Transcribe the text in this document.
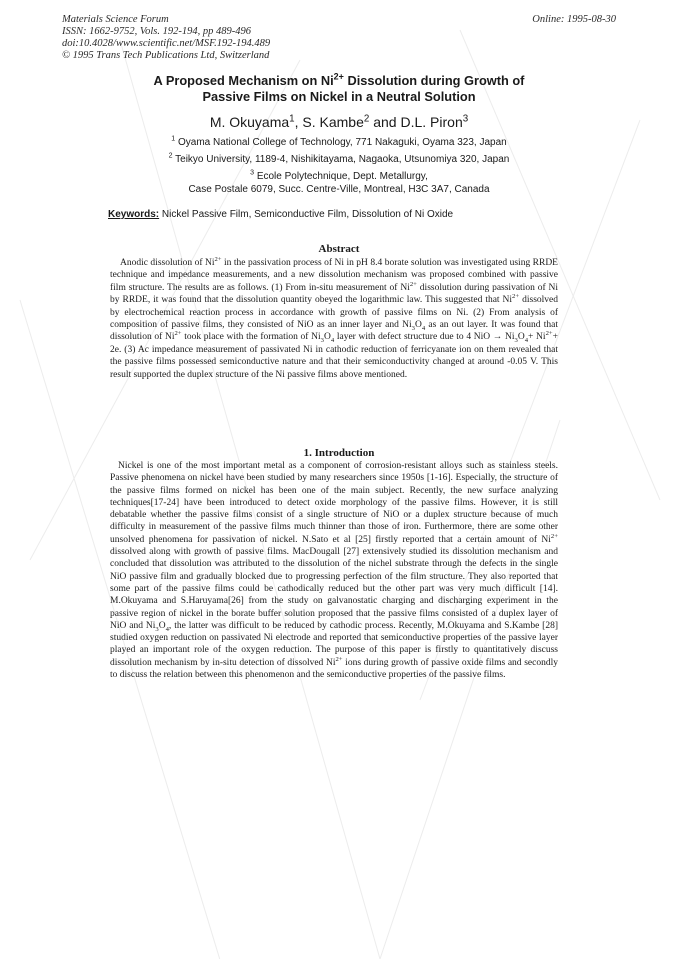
Materials Science Forum
ISSN: 1662-9752, Vols. 192-194, pp 489-496
doi:10.4028/www.scientific.net/MSF.192-194.489
© 1995 Trans Tech Publications Ltd, Switzerland
Online: 1995-08-30
A Proposed Mechanism on $Ni^{2+}$ Dissolution during Growth of
Passive Films on Nickel in a Neutral Solution
M. Okuyama$^1$, S. Kambe$^2$ and D.L. Piron$^3$
$^1$ Oyama National College of Technology, 771 Nakaguki, Oyama 323, Japan
$^2$ Teikyo University, 1189-4, Nishikitayama, Nagaoka, Utsunomiya 320, Japan
$^3$ Ecole Polytechnique, Dept. Metallurgy,
Case Postale 6079, Succ. Centre-Ville, Montreal, H3C 3A7, Canada
Keywords: Nickel Passive Film, Semiconductive Film, Dissolution of Ni Oxide
Abstract
Anodic dissolution of $Ni^{2+}$ in the passivation process of Ni in pH 8.4 borate solution was investigated using RRDE technique and impedance measurements, and a new dissolution mechanism was proposed combined with passive film structure. The results are as follows. (1) From in-situ measurement of $Ni^{2+}$ dissolution during passivation of Ni by RRDE, it was found that the dissolution quantity obeyed the logarithmic law. This suggested that $Ni^{2+}$ dissolved by electrochemical reaction process in accordance with growth of passive films on Ni. (2) From analysis of composition of passive films, they consisted of NiO as an inner layer and $Ni_3O_4$ as an out layer. It was found that dissolution of $Ni^{2+}$ took place with the formation of $Ni_3O_4$ layer with defect structure due to 4 NiO → $Ni_3O_4+ Ni^{2+}+ 2e$. (3) Ac impedance measurement of passivated Ni in cathodic reduction of ferricyanate ion on them revealed that the passive films possessed semiconductive nature and that their semiconductivity changed at around -0.05 V. This result supported the duplex structure of the Ni passive films above mentioned.
1. Introduction
Nickel is one of the most important metal as a component of corrosion-resistant alloys such as stainless steels. Passive phenomena on nickel have been studied by many researchers since 1950s [1-16]. Especially, the structure of the passive films formed on nickel has been one of the main subject. Recently, the new surface analyzing techniques[17-24] have been introduced to detect oxide morphology of the passive films. However, it is still debatable whether the passive films consist of a single structure of NiO or a duplex structure because of much difficulty in measurement of the passive films much thinner than those of iron. Furthermore, there are some other unsolved phenomena for passivation of nickel. N.Sato et al [25] firstly reported that a certain amount of $Ni^{2+}$ dissolved along with growth of passive films. MacDougall [27] extensively studied its dissolution mechanism and concluded that dissolution was attributed to the dissolution of the nichel substrate through the defects in the single NiO passive film and gradually blocked due to progressing perfection of the film structure. They also reported that some part of the passive films could be cathodically reduced but the other part was very much difficult [14]. M.Okuyama and S.Haruyama[26] from the study on galvanostatic charging and discharging experiment in the passive region of nickel in the borate buffer solution proposed that the passive films consisted of a duplex layer of NiO and $Ni_3O_4$, the latter was difficult to be reduced by cathodic process. Recently, M.Okuyama and S.Kambe [28] studied oxygen reduction on passivated Ni electrode and reported that semiconductive properties of the passive layer played an important role of the oxygen reduction. The purpose of this paper is firstly to quantitatively discuss dissolution mechanism by in-situ detection of dissolved $Ni^{2+}$ ions during growth of passive oxide films and secondly to discuss the relation between this phenomenon and the semiconductive properties of the passive films.
